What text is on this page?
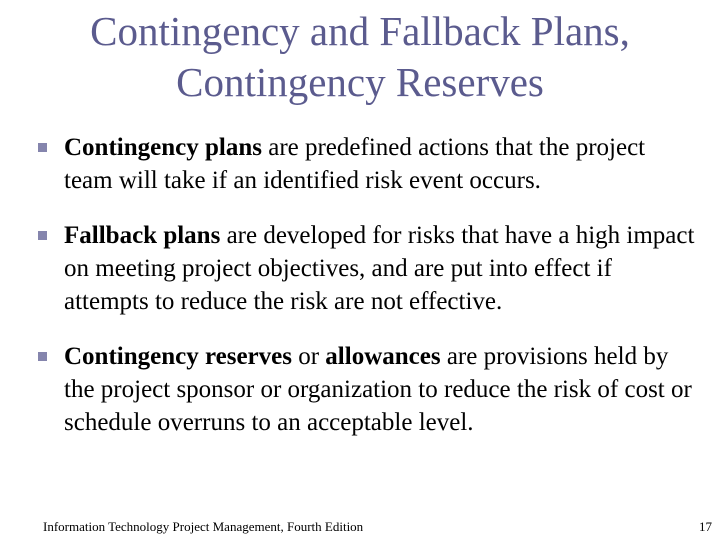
Contingency and Fallback Plans,
Contingency Reserves
Contingency plans are predefined actions that the project team will take if an identified risk event occurs.
Fallback plans are developed for risks that have a high impact on meeting project objectives, and are put into effect if attempts to reduce the risk are not effective.
Contingency reserves or allowances are provisions held by the project sponsor or organization to reduce the risk of cost or schedule overruns to an acceptable level.
Information Technology Project Management, Fourth Edition	17
